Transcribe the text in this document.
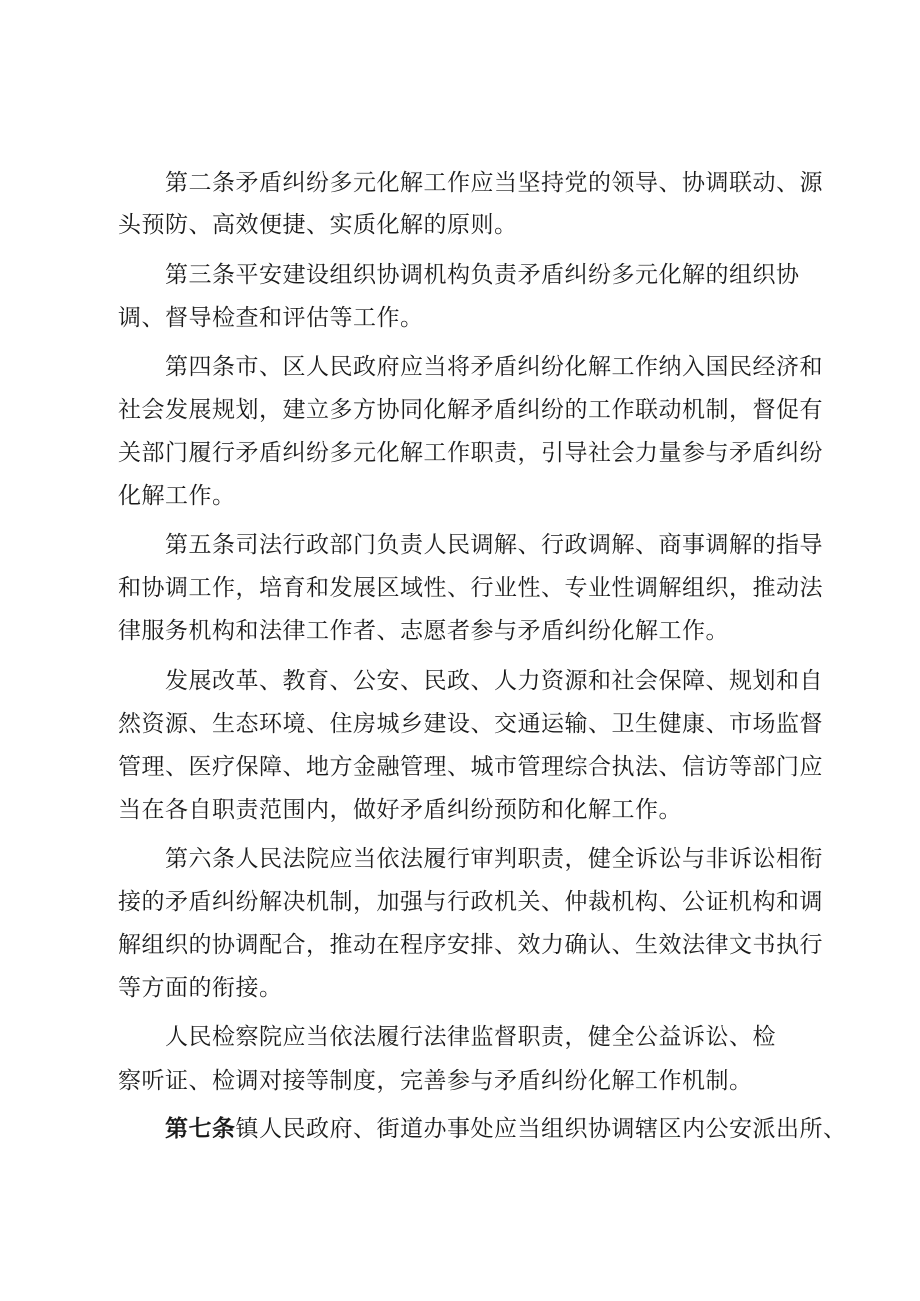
第二条矛盾纠纷多元化解工作应当坚持党的领导、协调联动、源
头预防、高效便捷、实质化解的原则。
第三条平安建设组织协调机构负责矛盾纠纷多元化解的组织协
调、督导检查和评估等工作。
第四条市、区人民政府应当将矛盾纠纷化解工作纳入国民经济和
社会发展规划，建立多方协同化解矛盾纠纷的工作联动机制，督促有
关部门履行矛盾纠纷多元化解工作职责，引导社会力量参与矛盾纠纷
化解工作。
第五条司法行政部门负责人民调解、行政调解、商事调解的指导
和协调工作，培育和发展区域性、行业性、专业性调解组织，推动法
律服务机构和法律工作者、志愿者参与矛盾纠纷化解工作。
发展改革、教育、公安、民政、人力资源和社会保障、规划和自
然资源、生态环境、住房城乡建设、交通运输、卫生健康、市场监督
管理、医疗保障、地方金融管理、城市管理综合执法、信访等部门应
当在各自职责范围内，做好矛盾纠纷预防和化解工作。
第六条人民法院应当依法履行审判职责，健全诉讼与非诉讼相衔
接的矛盾纠纷解决机制，加强与行政机关、仲裁机构、公证机构和调
解组织的协调配合，推动在程序安排、效力确认、生效法律文书执行
等方面的衔接。
人民检察院应当依法履行法律监督职责，健全公益诉讼、检
察听证、检调对接等制度，完善参与矛盾纠纷化解工作机制。
第七条镇人民政府、街道办事处应当组织协调辖区内公安派出所、
